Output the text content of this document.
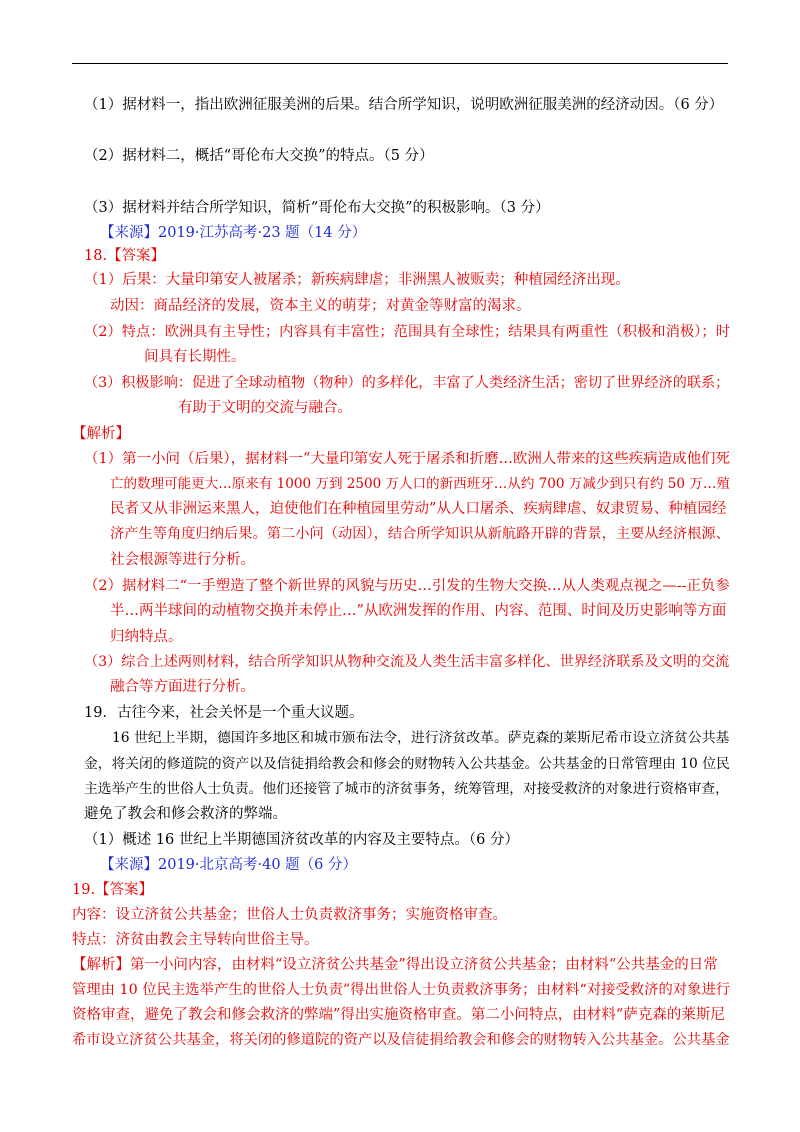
（1）据材料一，指出欧洲征服美洲的后果。结合所学知识，说明欧洲征服美洲的经济动因。（6 分）
（2）据材料二，概括“哥伦布大交换”的特点。（5 分）
（3）据材料并结合所学知识，简析“哥伦布大交换”的积极影响。（3 分）
【来源】2019·江苏高考·23 题（14 分）
18.【答案】
（1）后果：大量印第安人被屠杀；新疾病肆虐；非洲黑人被贩卖；种植园经济出现。
动因：商品经济的发展，资本主义的萌芽；对黄金等财富的渴求。
（2）特点：欧洲具有主导性；内容具有丰富性；范围具有全球性；结果具有两重性（积极和消极）；时
间具有长期性。
（3）积极影响：促进了全球动植物（物种）的多样化，丰富了人类经济生活；密切了世界经济的联系；
有助于文明的交流与融合。
【解析】
（1）第一小问（后果），据材料一“大量印第安人死于屠杀和折磨…欧洲人带来的这些疾病造成他们死
亡的数理可能更大…原来有 1000 万到 2500 万人口的新西班牙…从约 700 万减少到只有约 50 万…殖
民者又从非洲运来黑人，迫使他们在种植园里劳动”从人口屠杀、疾病肆虐、奴隶贸易、种植园经
济产生等角度归纳后果。第二小问（动因），结合所学知识从新航路开辟的背景，主要从经济根源、
社会根源等进行分析。
（2）据材料二“一手塑造了整个新世界的风貌与历史…引发的生物大交换…从人类观点视之—--正负参
半…两半球间的动植物交换并未停止…”从欧洲发挥的作用、内容、范围、时间及历史影响等方面
归纳特点。
（3）综合上述两则材料，结合所学知识从物种交流及人类生活丰富多样化、世界经济联系及文明的交流
融合等方面进行分析。
19．古往今来，社会关怀是一个重大议题。
16 世纪上半期，德国许多地区和城市颁布法令，进行济贫改革。萨克森的莱斯尼希市设立济贫公共基
金，将关闭的修道院的资产以及信徒捐给教会和修会的财物转入公共基金。公共基金的日常管理由 10 位民
主选举产生的世俗人士负责。他们还接管了城市的济贫事务，统筹管理，对接受救济的对象进行资格审查，
避免了教会和修会救济的弊端。
（1）概述 16 世纪上半期德国济贫改革的内容及主要特点。（6 分）
【来源】2019·北京高考·40 题（6 分）
19.【答案】
内容：设立济贫公共基金；世俗人士负责救济事务；实施资格审查。
特点：济贫由教会主导转向世俗主导。
【解析】第一小问内容，由材料“设立济贫公共基金”得出设立济贫公共基金；由材料“公共基金的日常
管理由 10 位民主选举产生的世俗人士负责”得出世俗人士负责救济事务；由材料“对接受救济的对象进行
资格审查，避免了教会和修会救济的弊端”得出实施资格审查。第二小问特点，由材料“萨克森的莱斯尼
希市设立济贫公共基金，将关闭的修道院的资产以及信徒捐给教会和修会的财物转入公共基金。公共基金
